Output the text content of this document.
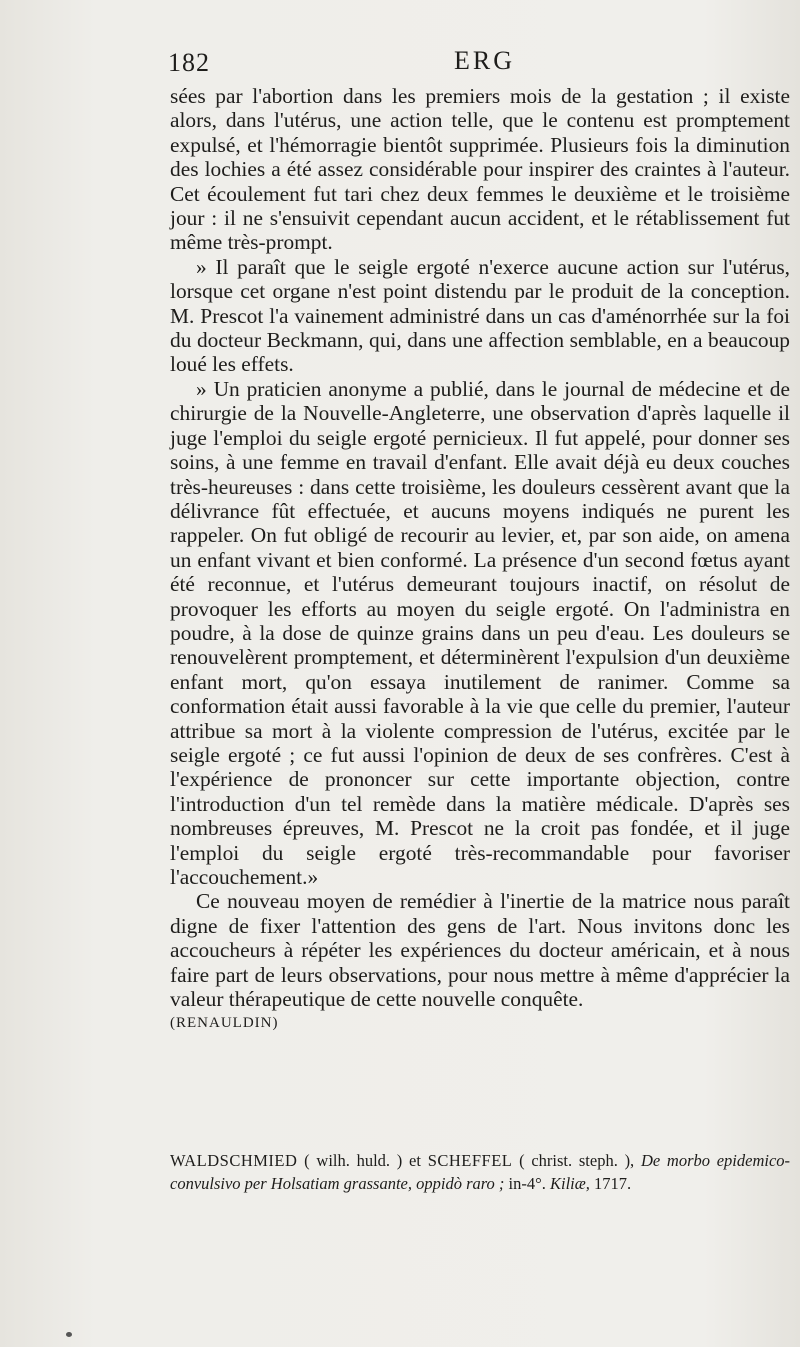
182	ERG

sées par l'abortion dans les premiers mois de la gestation ; il existe alors, dans l'utérus, une action telle, que le contenu est promptement expulsé, et l'hémorragie bientôt supprimée. Plusieurs fois la diminution des lochies a été assez considérable pour inspirer des craintes à l'auteur. Cet écoulement fut tari chez deux femmes le deuxième et le troisième jour : il ne s'ensuivit cependant aucun accident, et le rétablissement fut même très-prompt.

» Il paraît que le seigle ergoté n'exerce aucune action sur l'utérus, lorsque cet organe n'est point distendu par le produit de la conception. M. Prescot l'a vainement administré dans un cas d'aménorrhée sur la foi du docteur Beckmann, qui, dans une affection semblable, en a beaucoup loué les effets.

» Un praticien anonyme a publié, dans le journal de médecine et de chirurgie de la Nouvelle-Angleterre, une observation d'après laquelle il juge l'emploi du seigle ergoté pernicieux. Il fut appelé, pour donner ses soins, à une femme en travail d'enfant. Elle avait déjà eu deux couches très-heureuses : dans cette troisième, les douleurs cessèrent avant que la délivrance fût effectuée, et aucuns moyens indiqués ne purent les rappeler. On fut obligé de recourir au levier, et, par son aide, on amena un enfant vivant et bien conformé. La présence d'un second fœtus ayant été reconnue, et l'utérus demeurant toujours inactif, on résolut de provoquer les efforts au moyen du seigle ergoté. On l'administra en poudre, à la dose de quinze grains dans un peu d'eau. Les douleurs se renouvelèrent promptement, et déterminèrent l'expulsion d'un deuxième enfant mort, qu'on essaya inutilement de ranimer. Comme sa conformation était aussi favorable à la vie que celle du premier, l'auteur attribue sa mort à la violente compression de l'utérus, excitée par le seigle ergoté ; ce fut aussi l'opinion de deux de ses confrères. C'est à l'expérience de prononcer sur cette importante objection, contre l'introduction d'un tel remède dans la matière médicale. D'après ses nombreuses épreuves, M. Prescot ne la croit pas fondée, et il juge l'emploi du seigle ergoté très-recommandable pour favoriser l'accouchement.»

Ce nouveau moyen de remédier à l'inertie de la matrice nous paraît digne de fixer l'attention des gens de l'art. Nous invitons donc les accoucheurs à répéter les expériences du docteur américain, et à nous faire part de leurs observations, pour nous mettre à même d'apprécier la valeur thérapeutique de cette nouvelle conquête.

(RENAULDIN)

WALDSCHMIED ( wilh. huld. ) et SCHEFFEL ( christ. steph. ), De morbo epidemico-convulsivo per Holsatiam grassante, oppidò raro ; in-4°. Kiliæ, 1717.
